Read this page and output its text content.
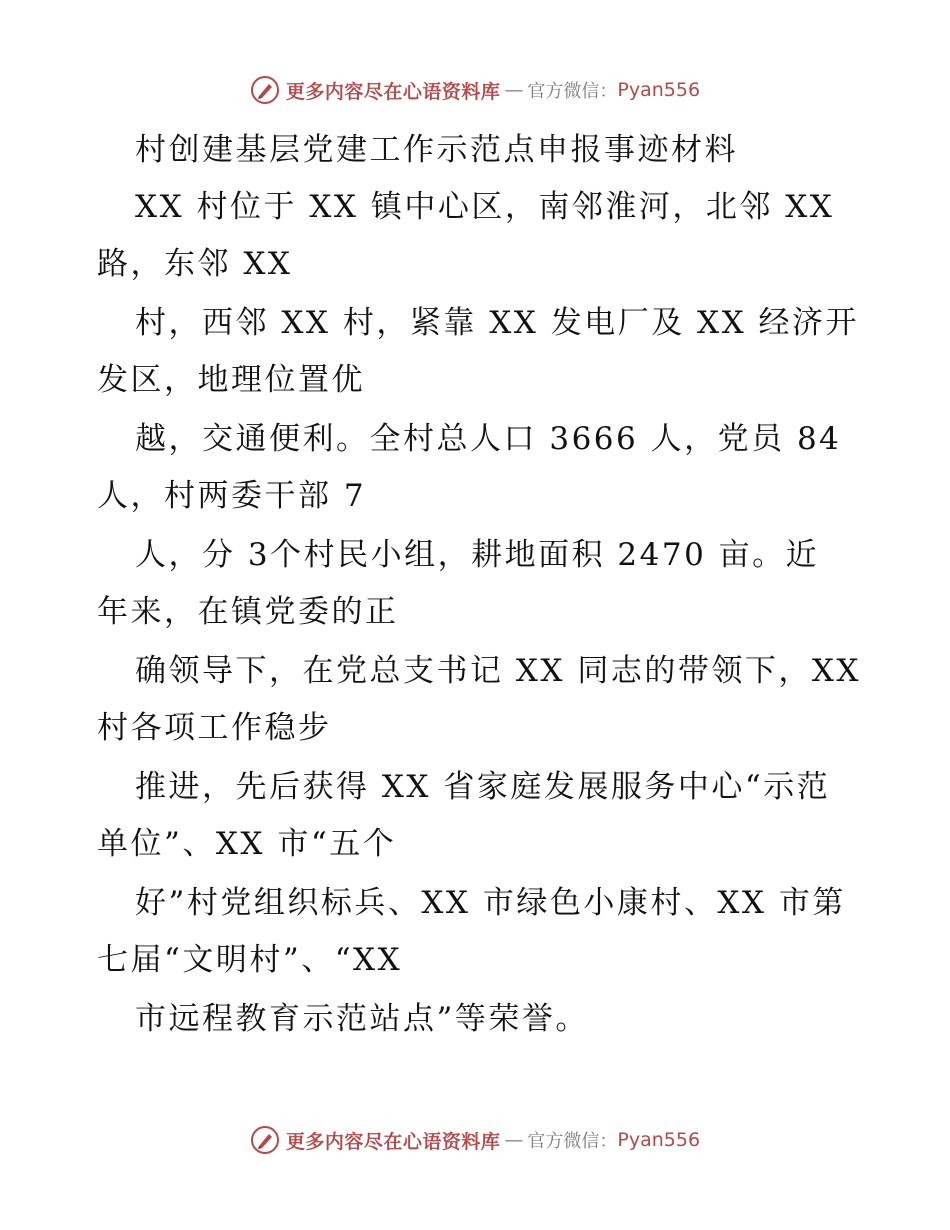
更多内容尽在心语资料库 — 官方微信： Pyan556
村创建基层党建工作示范点申报事迹材料
XX 村位于 XX 镇中心区，南邻淮河，北邻 XX
路，东邻 XX
村，西邻 XX 村，紧靠 XX 发电厂及 XX 经济开
发区，地理位置优
越，交通便利。全村总人口 3666 人，党员 84
人，村两委干部 7
人，分 3个村民小组，耕地面积 2470 亩。近
年来，在镇党委的正
确领导下，在党总支书记 XX 同志的带领下，XX
村各项工作稳步
推进，先后获得 XX 省家庭发展服务中心“示范
单位”、XX 市“五个
好”村党组织标兵、XX 市绿色小康村、XX 市第
七届“文明村”、“XX
市远程教育示范站点”等荣誉。
更多内容尽在心语资料库 — 官方微信： Pyan556
